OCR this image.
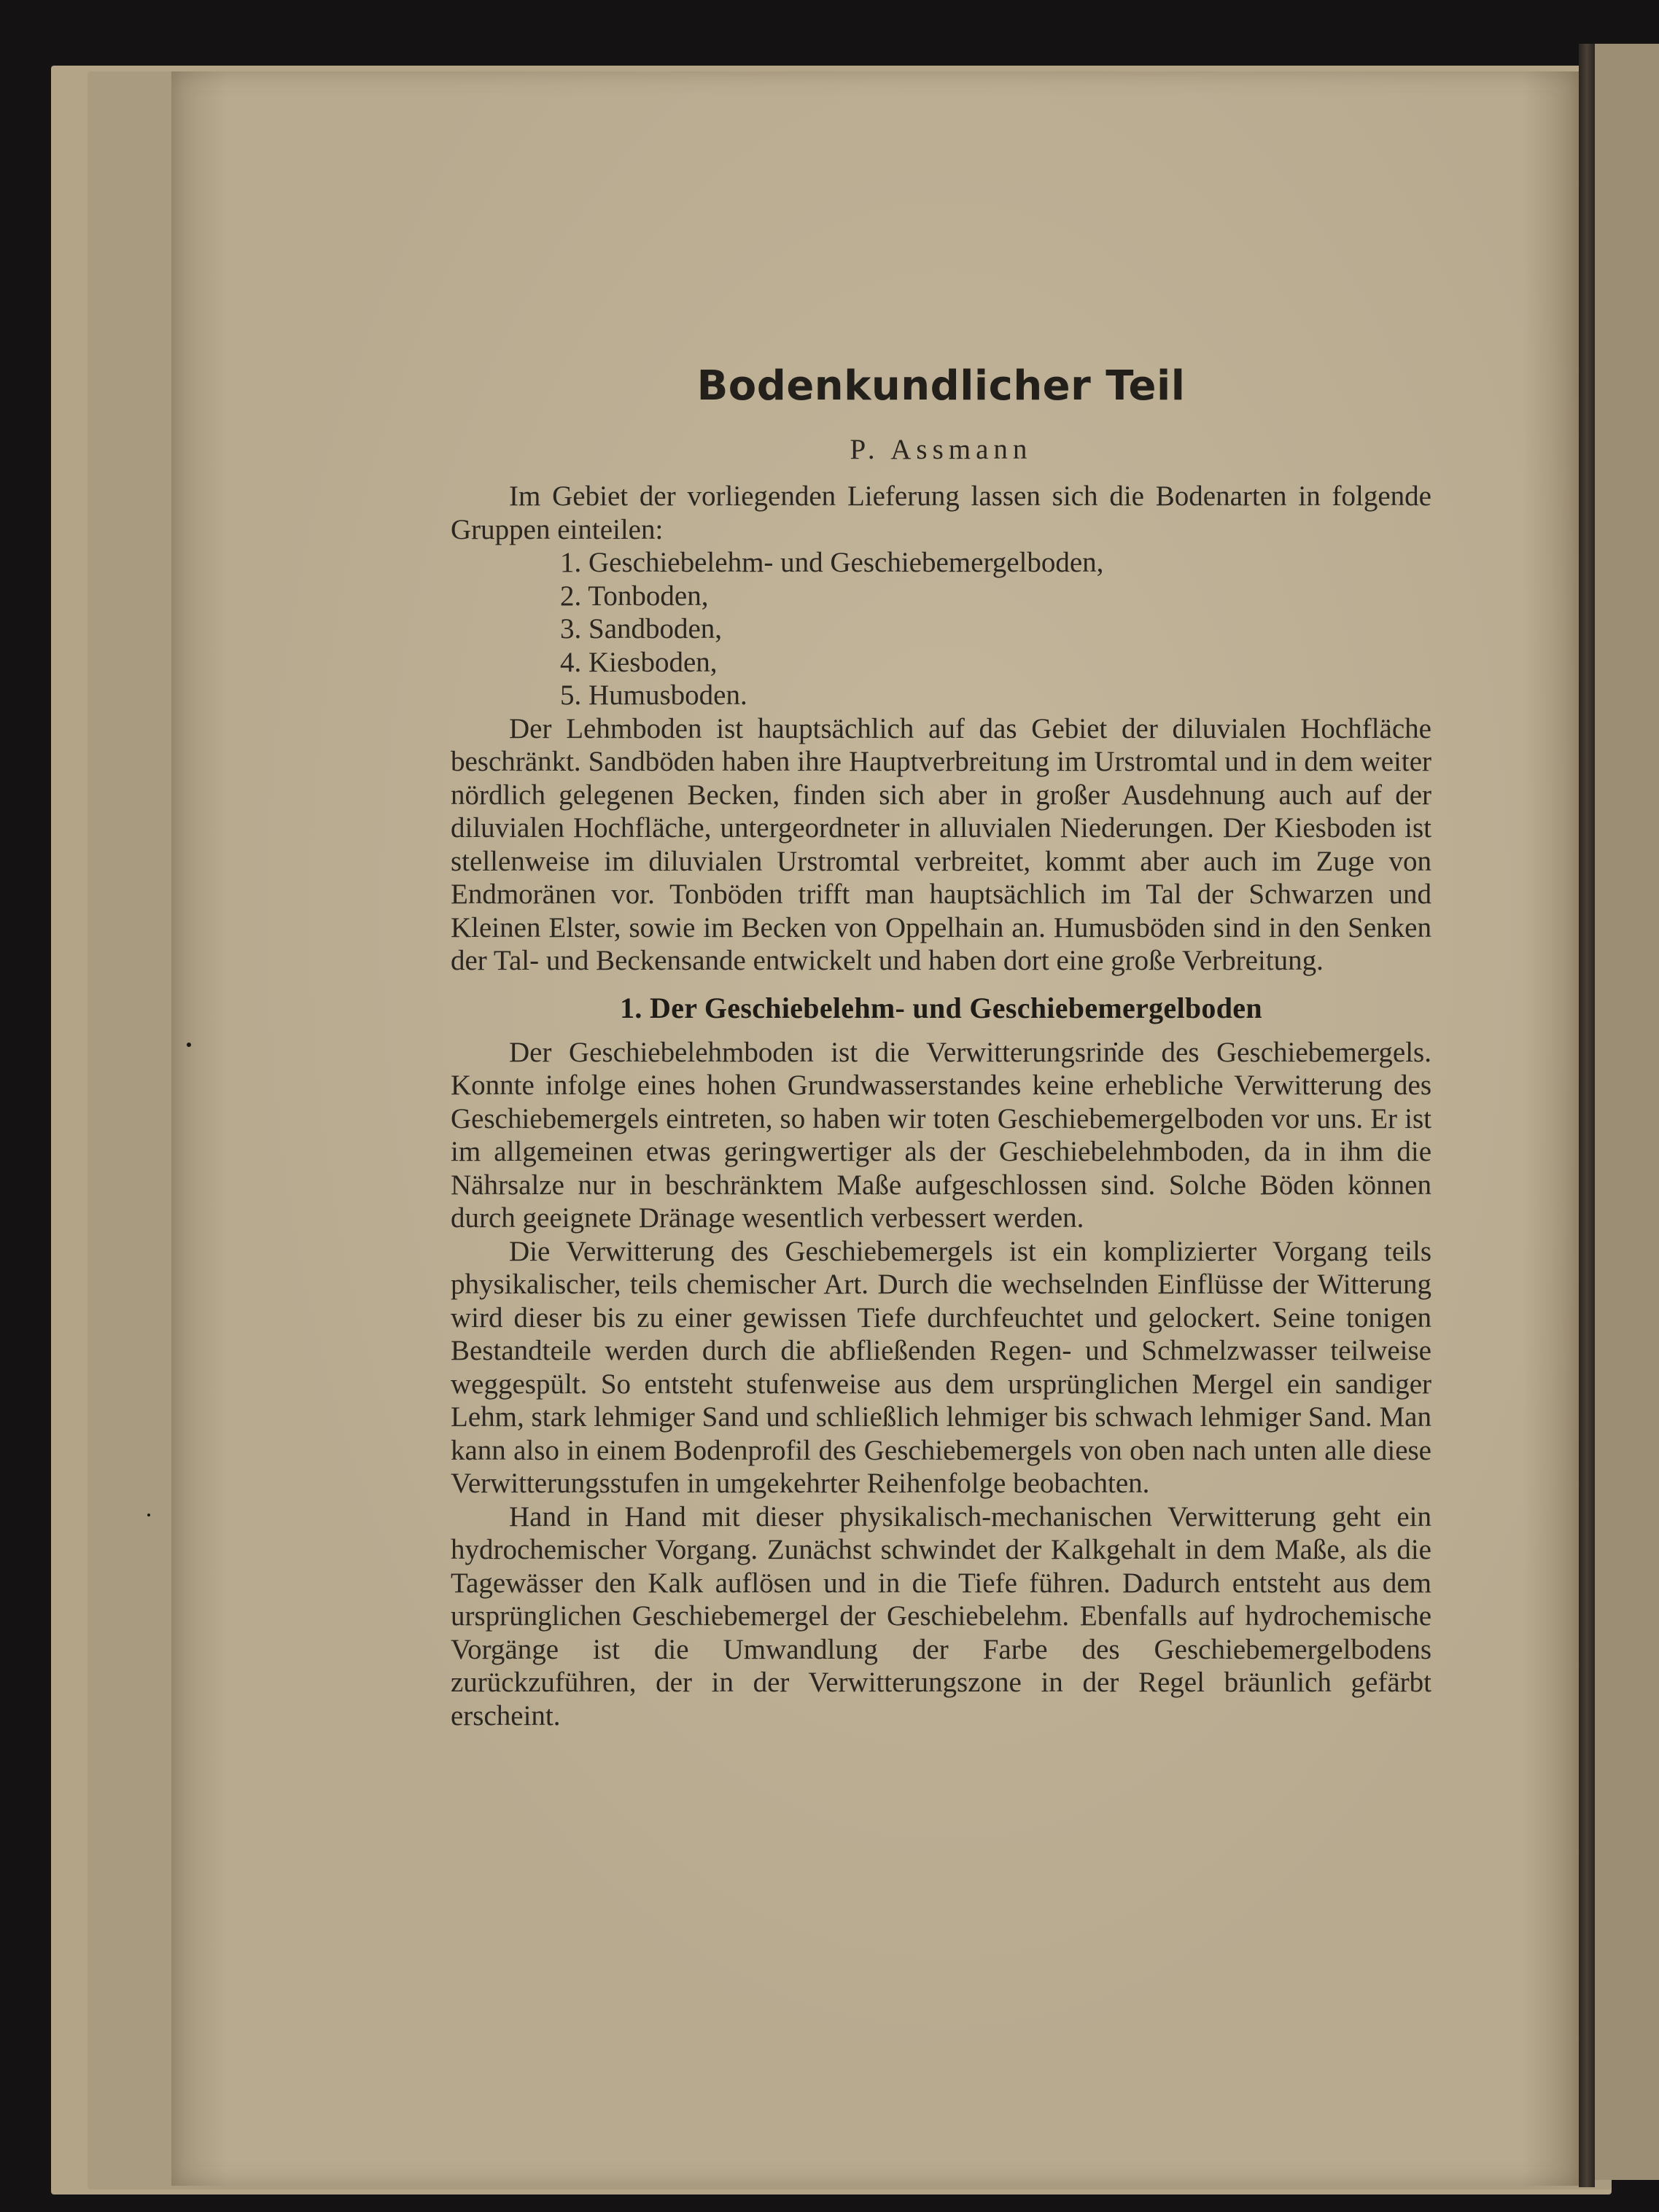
Bodenkundlicher Teil
P. Assmann

Im Gebiet der vorliegenden Lieferung lassen sich die Bodenarten in folgende Gruppen einteilen:

1. Geschiebelehm- und Geschiebemergelboden,
2. Tonboden,
3. Sandboden,
4. Kiesboden,
5. Humusboden.

Der Lehmboden ist hauptsächlich auf das Gebiet der diluvialen Hochfläche beschränkt. Sandböden haben ihre Hauptverbreitung im Urstromtal und in dem weiter nördlich gelegenen Becken, finden sich aber in großer Ausdehnung auch auf der diluvialen Hochfläche, untergeordneter in alluvialen Niederungen. Der Kiesboden ist stellenweise im diluvialen Urstromtal verbreitet, kommt aber auch im Zuge von Endmoränen vor. Tonböden trifft man hauptsächlich im Tal der Schwarzen und Kleinen Elster, sowie im Becken von Oppelhain an. Humusböden sind in den Senken der Tal- und Beckensande entwickelt und haben dort eine große Verbreitung.

1. Der Geschiebelehm- und Geschiebemergelboden

Der Geschiebelehmboden ist die Verwitterungsrinde des Geschiebemergels. Konnte infolge eines hohen Grundwasserstandes keine erhebliche Verwitterung des Geschiebemergels eintreten, so haben wir toten Geschiebemergelboden vor uns. Er ist im allgemeinen etwas geringwertiger als der Geschiebelehmboden, da in ihm die Nährsalze nur in beschränktem Maße aufgeschlossen sind. Solche Böden können durch geeignete Dränage wesentlich verbessert werden.

Die Verwitterung des Geschiebemergels ist ein komplizierter Vorgang teils physikalischer, teils chemischer Art. Durch die wechselnden Einflüsse der Witterung wird dieser bis zu einer gewissen Tiefe durchfeuchtet und gelockert. Seine tonigen Bestandteile werden durch die abfließenden Regen- und Schmelzwasser teilweise weggespült. So entsteht stufenweise aus dem ursprünglichen Mergel ein sandiger Lehm, stark lehmiger Sand und schließlich lehmiger bis schwach lehmiger Sand. Man kann also in einem Bodenprofil des Geschiebemergels von oben nach unten alle diese Verwitterungsstufen in umgekehrter Reihenfolge beobachten.

Hand in Hand mit dieser physikalisch-mechanischen Verwitterung geht ein hydrochemischer Vorgang. Zunächst schwindet der Kalkgehalt in dem Maße, als die Tagewässer den Kalk auflösen und in die Tiefe führen. Dadurch entsteht aus dem ursprünglichen Geschiebemergel der Geschiebelehm. Ebenfalls auf hydrochemische Vorgänge ist die Umwandlung der Farbe des Geschiebemergelbodens zurückzuführen, der in der Verwitterungszone in der Regel bräunlich gefärbt erscheint.
